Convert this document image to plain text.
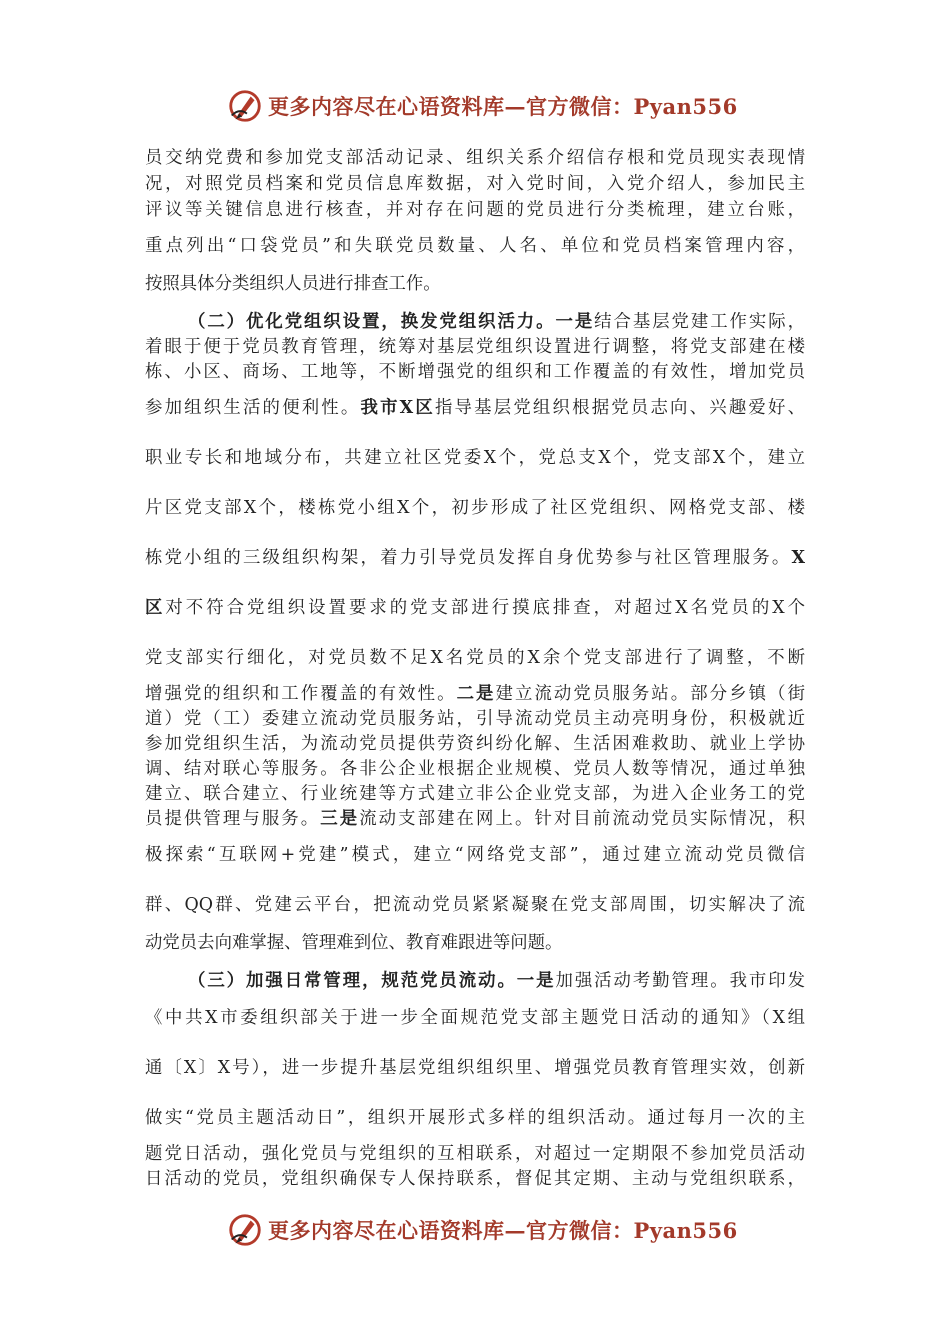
更多内容尽在心语资料库—官方微信：Pyan556
员交纳党费和参加党支部活动记录、组织关系介绍信存根和党员现实表现情
况，对照党员档案和党员信息库数据，对入党时间，入党介绍人，参加民主
评议等关键信息进行核查，并对存在问题的党员进行分类梳理，建立台账，
重点列出“口袋党员”和失联党员数量、人名、单位和党员档案管理内容，
按照具体分类组织人员进行排查工作。
（二）优化党组织设置，换发党组织活力。一是结合基层党建工作实际，
着眼于便于党员教育管理，统筹对基层党组织设置进行调整，将党支部建在楼
栋、小区、商场、工地等，不断增强党的组织和工作覆盖的有效性，增加党员
参加组织生活的便利性。我市X区指导基层党组织根据党员志向、兴趣爱好、
职业专长和地域分布，共建立社区党委X个，党总支X个，党支部X个，建立
片区党支部X个，楼栋党小组X个，初步形成了社区党组织、网格党支部、楼
栋党小组的三级组织构架，着力引导党员发挥自身优势参与社区管理服务。X
区对不符合党组织设置要求的党支部进行摸底排查，对超过X名党员的X个
党支部实行细化，对党员数不足X名党员的X余个党支部进行了调整，不断
增强党的组织和工作覆盖的有效性。二是建立流动党员服务站。部分乡镇（街
道）党（工）委建立流动党员服务站，引导流动党员主动亮明身份，积极就近
参加党组织生活，为流动党员提供劳资纠纷化解、生活困难救助、就业上学协
调、结对联心等服务。各非公企业根据企业规模、党员人数等情况，通过单独
建立、联合建立、行业统建等方式建立非公企业党支部，为进入企业务工的党
员提供管理与服务。三是流动支部建在网上。针对目前流动党员实际情况，积
极探索“互联网+党建”模式，建立“网络党支部”，通过建立流动党员微信
群、QQ群、党建云平台，把流动党员紧紧凝聚在党支部周围，切实解决了流
动党员去向难掌握、管理难到位、教育难跟进等问题。
（三）加强日常管理，规范党员流动。一是加强活动考勤管理。我市印发
《中共X市委组织部关于进一步全面规范党支部主题党日活动的通知》（X组
通〔X〕X号），进一步提升基层党组织组织里、增强党员教育管理实效，创新
做实“党员主题活动日”，组织开展形式多样的组织活动。通过每月一次的主
题党日活动，强化党员与党组织的互相联系，对超过一定期限不参加党员活动
日活动的党员，党组织确保专人保持联系，督促其定期、主动与党组织联系，
更多内容尽在心语资料库—官方微信：Pyan556
